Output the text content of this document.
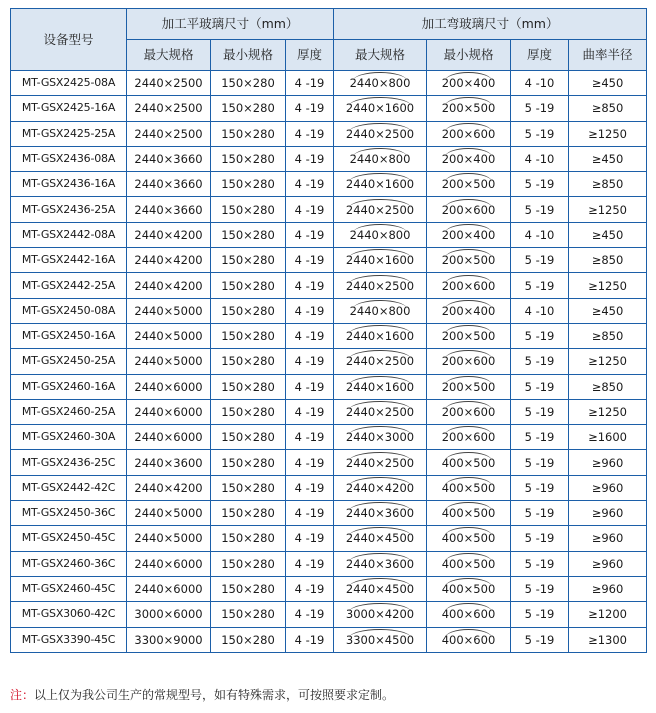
设备型号	加工平玻璃尺寸（mm）			加工弯玻璃尺寸（mm）			
	最大规格	最小规格	厚度	最大规格	最小规格	厚度	曲率半径
MT-GSX2425-08A	2440×2500	150×280	4 -19	2440×800	200×400	4 -10	≥450
MT-GSX2425-16A	2440×2500	150×280	4 -19	2440×1600	200×500	5 -19	≥850
MT-GSX2425-25A	2440×2500	150×280	4 -19	2440×2500	200×600	5 -19	≥1250
MT-GSX2436-08A	2440×3660	150×280	4 -19	2440×800	200×400	4 -10	≥450
MT-GSX2436-16A	2440×3660	150×280	4 -19	2440×1600	200×500	5 -19	≥850
MT-GSX2436-25A	2440×3660	150×280	4 -19	2440×2500	200×600	5 -19	≥1250
MT-GSX2442-08A	2440×4200	150×280	4 -19	2440×800	200×400	4 -10	≥450
MT-GSX2442-16A	2440×4200	150×280	4 -19	2440×1600	200×500	5 -19	≥850
MT-GSX2442-25A	2440×4200	150×280	4 -19	2440×2500	200×600	5 -19	≥1250
MT-GSX2450-08A	2440×5000	150×280	4 -19	2440×800	200×400	4 -10	≥450
MT-GSX2450-16A	2440×5000	150×280	4 -19	2440×1600	200×500	5 -19	≥850
MT-GSX2450-25A	2440×5000	150×280	4 -19	2440×2500	200×600	5 -19	≥1250
MT-GSX2460-16A	2440×6000	150×280	4 -19	2440×1600	200×500	5 -19	≥850
MT-GSX2460-25A	2440×6000	150×280	4 -19	2440×2500	200×600	5 -19	≥1250
MT-GSX2460-30A	2440×6000	150×280	4 -19	2440×3000	200×600	5 -19	≥1600
MT-GSX2436-25C	2440×3600	150×280	4 -19	2440×2500	400×500	5 -19	≥960
MT-GSX2442-42C	2440×4200	150×280	4 -19	2440×4200	400×500	5 -19	≥960
MT-GSX2450-36C	2440×5000	150×280	4 -19	2440×3600	400×500	5 -19	≥960
MT-GSX2450-45C	2440×5000	150×280	4 -19	2440×4500	400×500	5 -19	≥960
MT-GSX2460-36C	2440×6000	150×280	4 -19	2440×3600	400×500	5 -19	≥960
MT-GSX2460-45C	2440×6000	150×280	4 -19	2440×4500	400×500	5 -19	≥960
MT-GSX3060-42C	3000×6000	150×280	4 -19	3000×4200	400×600	5 -19	≥1200
MT-GSX3390-45C	3300×9000	150×280	4 -19	3300×4500	400×600	5 -19	≥1300
注：以上仅为我公司生产的常规型号，如有特殊需求，可按照要求定制。
